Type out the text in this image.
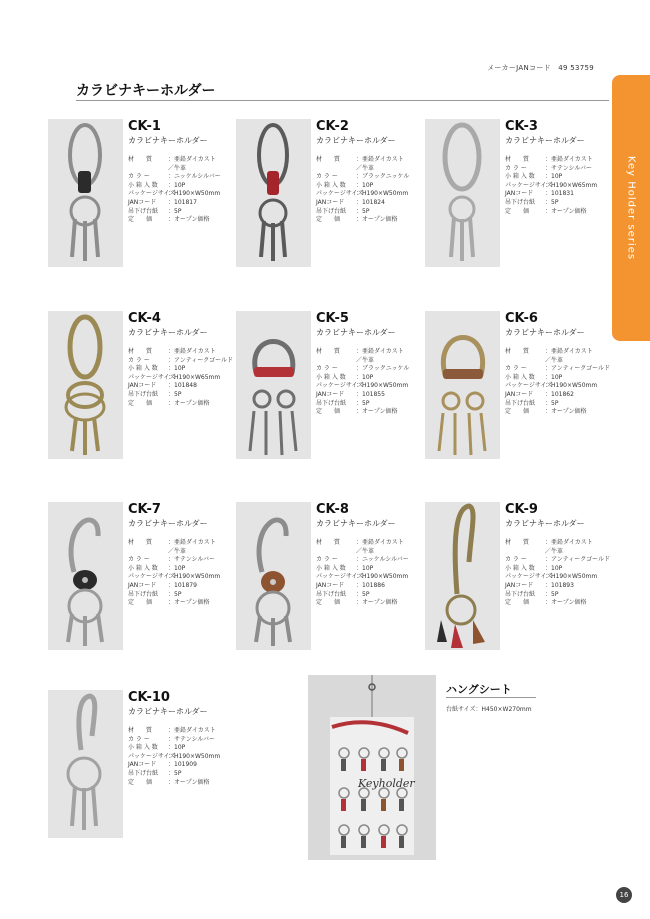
メーカーJANコード　49 53759
カラビナキーホルダー
Key Holder series
CK-1
カラビナキーホルダー
材　　質	：亜鉛ダイカスト
／牛革
カ ラ ー	：ニッケルシルバー
小 箱 入 数 ：10P
パッケージサイズ：H190×W50mm
JANコード ：101817
吊下げ台紙 ：5P
定　　価	：オープン価格
CK-2
カラビナキーホルダー
材　　質	：亜鉛ダイカスト
／牛革
カ ラ ー	：ブラックニッケル
小 箱 入 数 ：10P
パッケージサイズ：H190×W50mm
JANコード ：101824
吊下げ台紙 ：5P
定　　価	：オープン価格
CK-3
カラビナキーホルダー
材　　質	：亜鉛ダイカスト
カ ラ ー	：サテンシルバー
小 箱 入 数 ：10P
パッケージサイズ：H190×W65mm
JANコード ：101831
吊下げ台紙 ：5P
定　　価	：オープン価格
CK-4
カラビナキーホルダー
材　　質	：亜鉛ダイカスト
カ ラ ー	：アンティークゴールド
小 箱 入 数 ：10P
パッケージサイズ：H190×W65mm
JANコード ：101848
吊下げ台紙 ：5P
定　　価	：オープン価格
CK-5
カラビナキーホルダー
材　　質	：亜鉛ダイカスト
／牛革
カ ラ ー	：ブラックニッケル
小 箱 入 数 ：10P
パッケージサイズ：H190×W50mm
JANコード ：101855
吊下げ台紙 ：5P
定　　価	：オープン価格
CK-6
カラビナキーホルダー
材　　質	：亜鉛ダイカスト
／牛革
カ ラ ー	：アンティークゴールド
小 箱 入 数 ：10P
パッケージサイズ：H190×W50mm
JANコード ：101862
吊下げ台紙 ：5P
定　　価	：オープン価格
CK-7
カラビナキーホルダー
材　　質	：亜鉛ダイカスト
／牛革
カ ラ ー	：サテンシルバー
小 箱 入 数 ：10P
パッケージサイズ：H190×W50mm
JANコード ：101879
吊下げ台紙 ：5P
定　　価	：オープン価格
CK-8
カラビナキーホルダー
材　　質	：亜鉛ダイカスト
／牛革
カ ラ ー	：ニッケルシルバー
小 箱 入 数 ：10P
パッケージサイズ：H190×W50mm
JANコード ：101886
吊下げ台紙 ：5P
定　　価	：オープン価格
CK-9
カラビナキーホルダー
材　　質	：亜鉛ダイカスト
／牛革
カ ラ ー	：アンティークゴールド
小 箱 入 数 ：10P
パッケージサイズ：H190×W50mm
JANコード ：101893
吊下げ台紙 ：5P
定　　価	：オープン価格
CK-10
カラビナキーホルダー
材　　質	：亜鉛ダイカスト
カ ラ ー	：サテンシルバー
小 箱 入 数 ：10P
パッケージサイズ：H190×W50mm
JANコード ：101909
吊下げ台紙 ：5P
定　　価	：オープン価格	Keyholder
ハングシート
台紙サイズ：H450×W270mm
16
